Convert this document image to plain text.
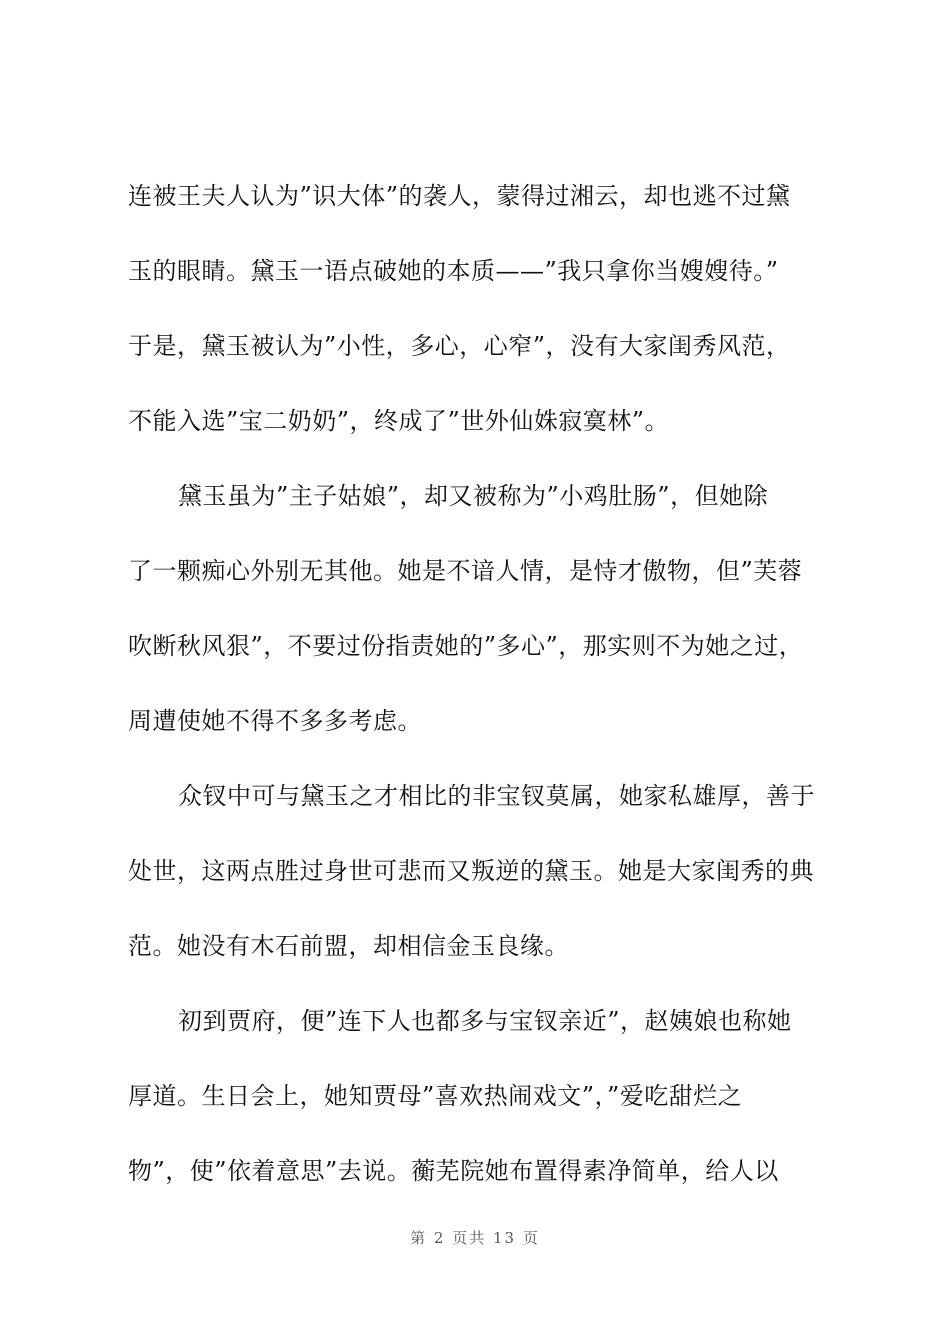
连被王夫人认为”识大体”的袭人，蒙得过湘云，却也逃不过黛
玉的眼睛。黛玉一语点破她的本质——”我只拿你当嫂嫂待。”
于是，黛玉被认为”小性，多心，心窄”，没有大家闺秀风范，
不能入选”宝二奶奶”，终成了”世外仙姝寂寞林”。
黛玉虽为”主子姑娘”，却又被称为”小鸡肚肠”，但她除
了一颗痴心外别无其他。她是不谙人情，是恃才傲物，但”芙蓉
吹断秋风狠”，不要过份指责她的”多心”，那实则不为她之过，
周遭使她不得不多多考虑。
众钗中可与黛玉之才相比的非宝钗莫属，她家私雄厚，善于
处世，这两点胜过身世可悲而又叛逆的黛玉。她是大家闺秀的典
范。她没有木石前盟，却相信金玉良缘。
初到贾府，便”连下人也都多与宝钗亲近”，赵姨娘也称她
厚道。生日会上，她知贾母”喜欢热闹戏文”，”爱吃甜烂之
物”，使”依着意思”去说。蘅芜院她布置得素净简单，给人以
第 2 页共 13 页
